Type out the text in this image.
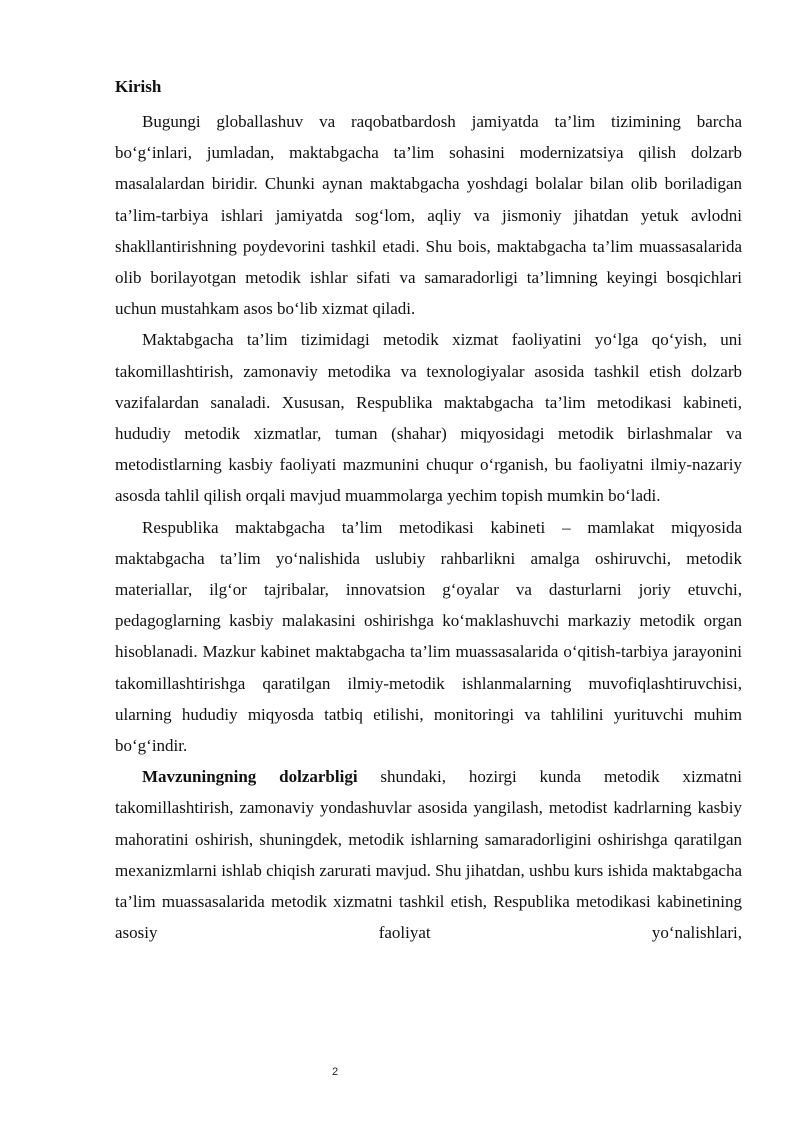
Kirish

Bugungi globallashuv va raqobatbardosh jamiyatda ta’lim tizimining barcha bo‘g‘inlari, jumladan, maktabgacha ta’lim sohasini modernizatsiya qilish dolzarb masalalardan biridir. Chunki aynan maktabgacha yoshdagi bolalar bilan olib boriladigan ta’lim-tarbiya ishlari jamiyatda sog‘lom, aqliy va jismoniy jihatdan yetuk avlodni shakllantirishning poydevorini tashkil etadi. Shu bois, maktabgacha ta’lim muassasalarida olib borilayotgan metodik ishlar sifati va samaradorligi ta’limning keyingi bosqichlari uchun mustahkam asos bo‘lib xizmat qiladi.

Maktabgacha ta’lim tizimidagi metodik xizmat faoliyatini yo‘lga qo‘yish, uni takomillashtirish, zamonaviy metodika va texnologiyalar asosida tashkil etish dolzarb vazifalardan sanaladi. Xususan, Respublika maktabgacha ta’lim metodikasi kabineti, hududiy metodik xizmatlar, tuman (shahar) miqyosidagi metodik birlashmalar va metodistlarning kasbiy faoliyati mazmunini chuqur o‘rganish, bu faoliyatni ilmiy-nazariy asosda tahlil qilish orqali mavjud muammolarga yechim topish mumkin bo‘ladi.

Respublika maktabgacha ta’lim metodikasi kabineti – mamlakat miqyosida maktabgacha ta’lim yo‘nalishida uslubiy rahbarlikni amalga oshiruvchi, metodik materiallar, ilg‘or tajribalar, innovatsion g‘oyalar va dasturlarni joriy etuvchi, pedagoglarning kasbiy malakasini oshirishga ko‘maklashuvchi markaziy metodik organ hisoblanadi. Mazkur kabinet maktabgacha ta’lim muassasalarida o‘qitish-tarbiya jarayonini takomillashtirishga qaratilgan ilmiy-metodik ishlanmalarning muvofiqlashtiruvchisi, ularning hududiy miqyosda tatbiq etilishi, monitoringi va tahlilini yurituvchi muhim bo‘g‘indir.

Mavzuningning dolzarbligi shundaki, hozirgi kunda metodik xizmatni takomillashtirish, zamonaviy yondashuvlar asosida yangilash, metodist kadrlarning kasbiy mahoratini oshirish, shuningdek, metodik ishlarning samaradorligini oshirishga qaratilgan mexanizmlarni ishlab chiqish zarurati mavjud. Shu jihatdan, ushbu kurs ishida maktabgacha ta’lim muassasalarida metodik xizmatni tashkil etish, Respublika metodikasi kabinetining asosiy faoliyat yo‘nalishlari,

2
